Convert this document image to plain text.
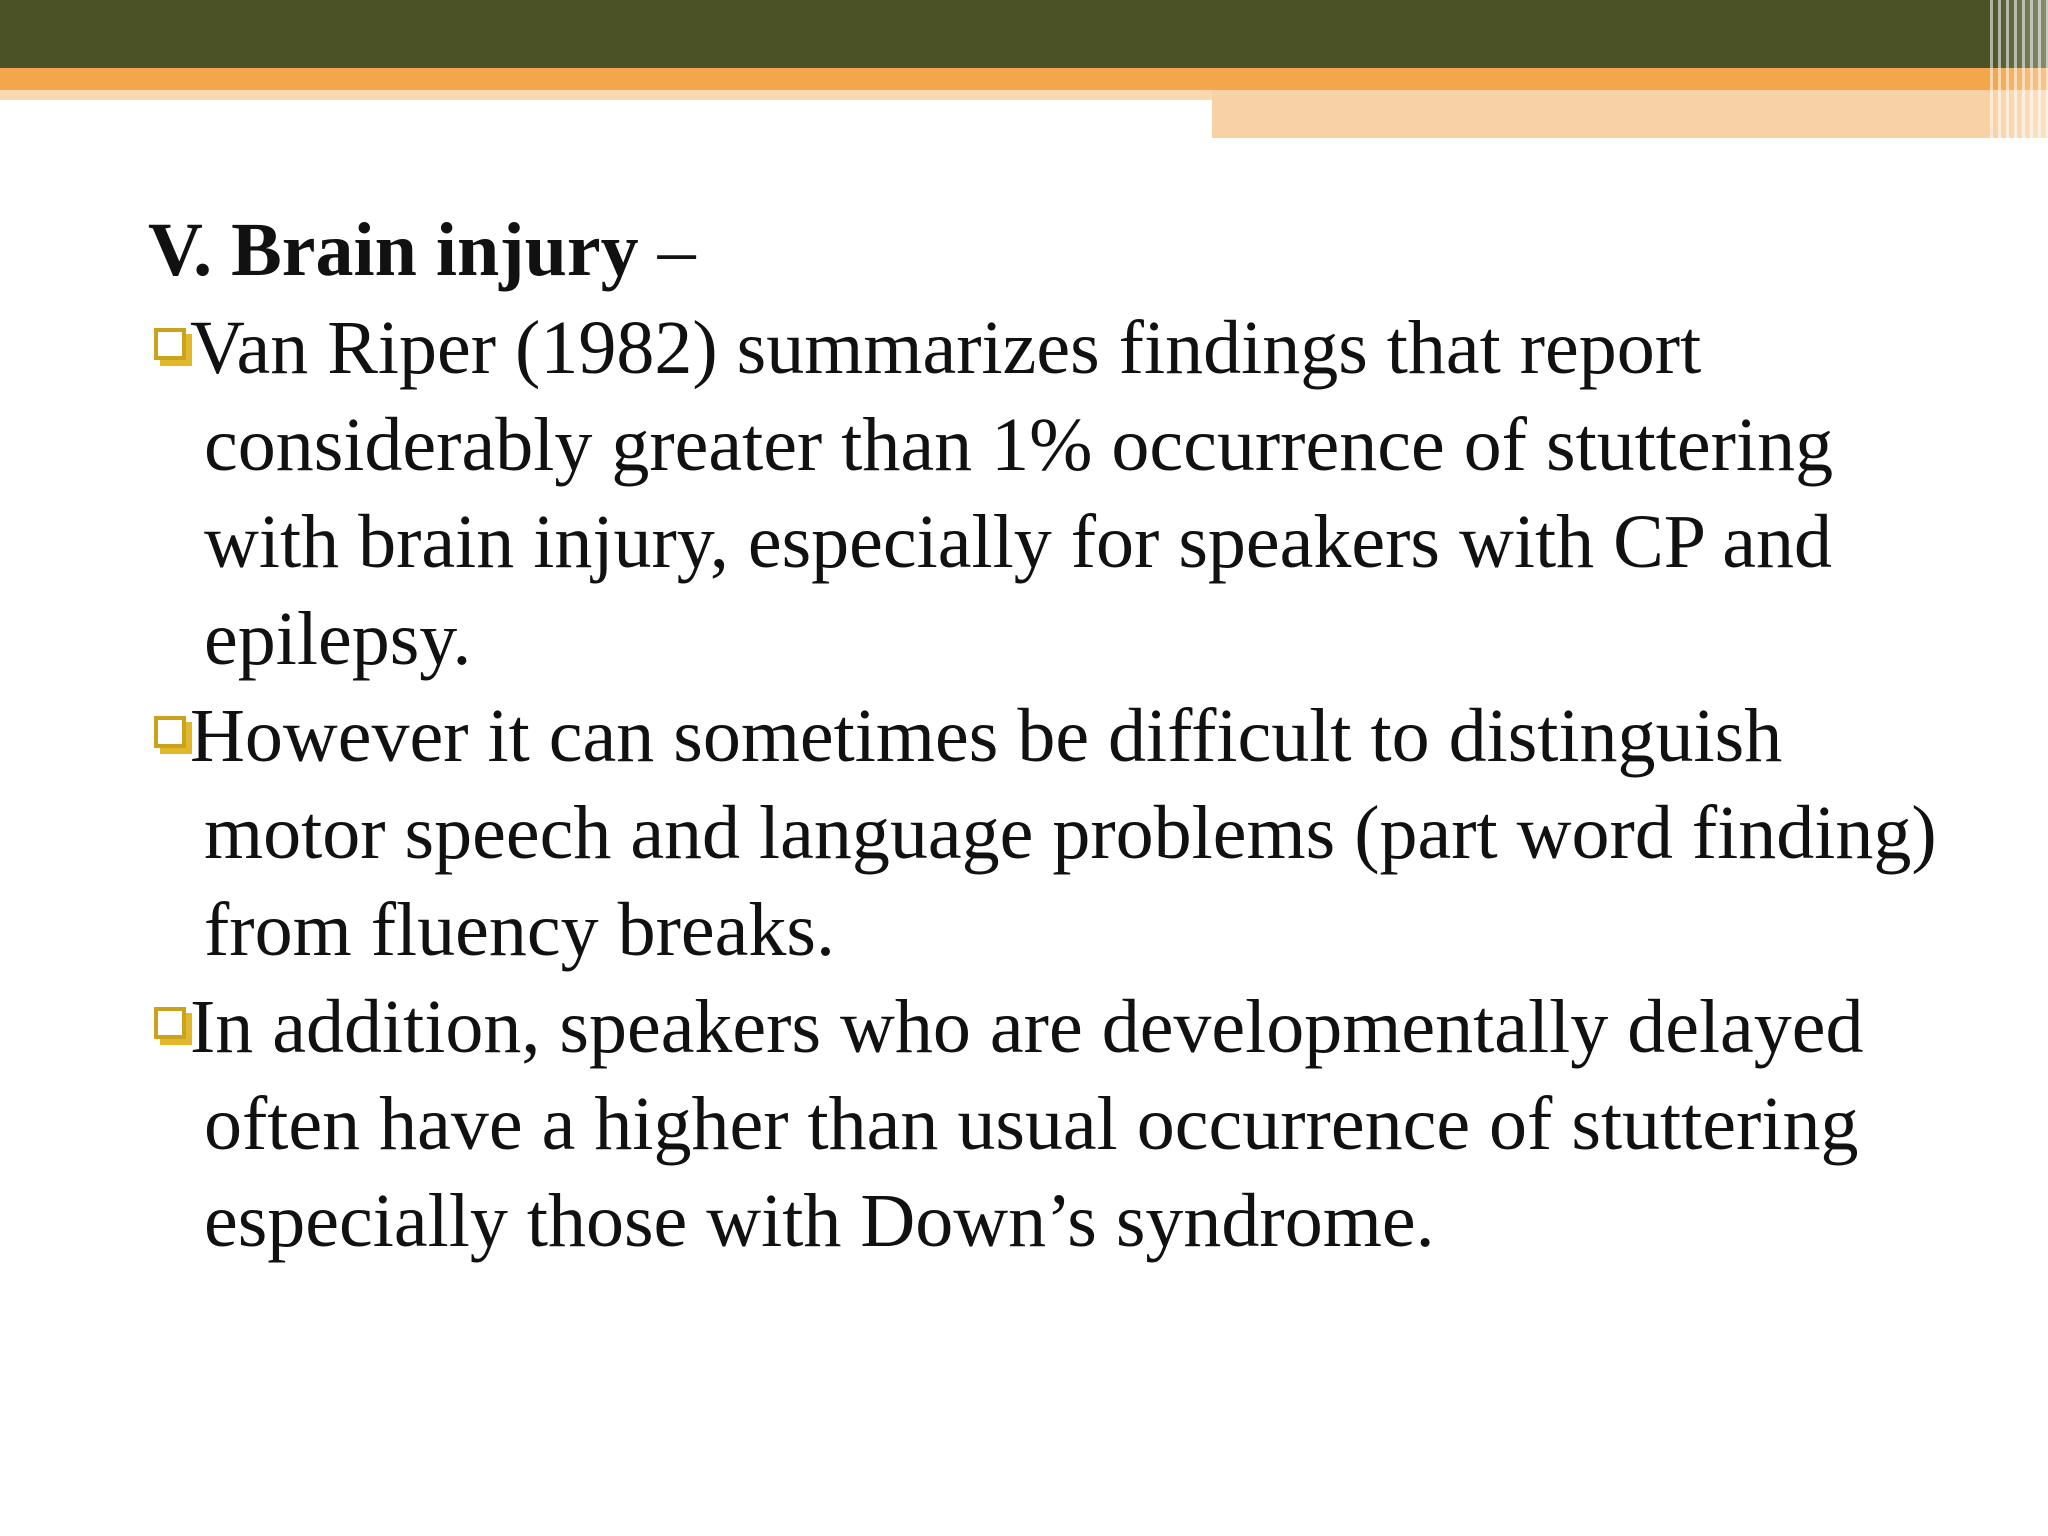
V. Brain injury –

Van Riper (1982) summarizes findings that report considerably greater than 1% occurrence of stuttering with brain injury, especially for speakers with CP and epilepsy.

However it can sometimes be difficult to distinguish motor speech and language problems (part word finding) from fluency breaks.

In addition, speakers who are developmentally delayed often have a higher than usual occurrence of stuttering especially those with Down’s syndrome.
